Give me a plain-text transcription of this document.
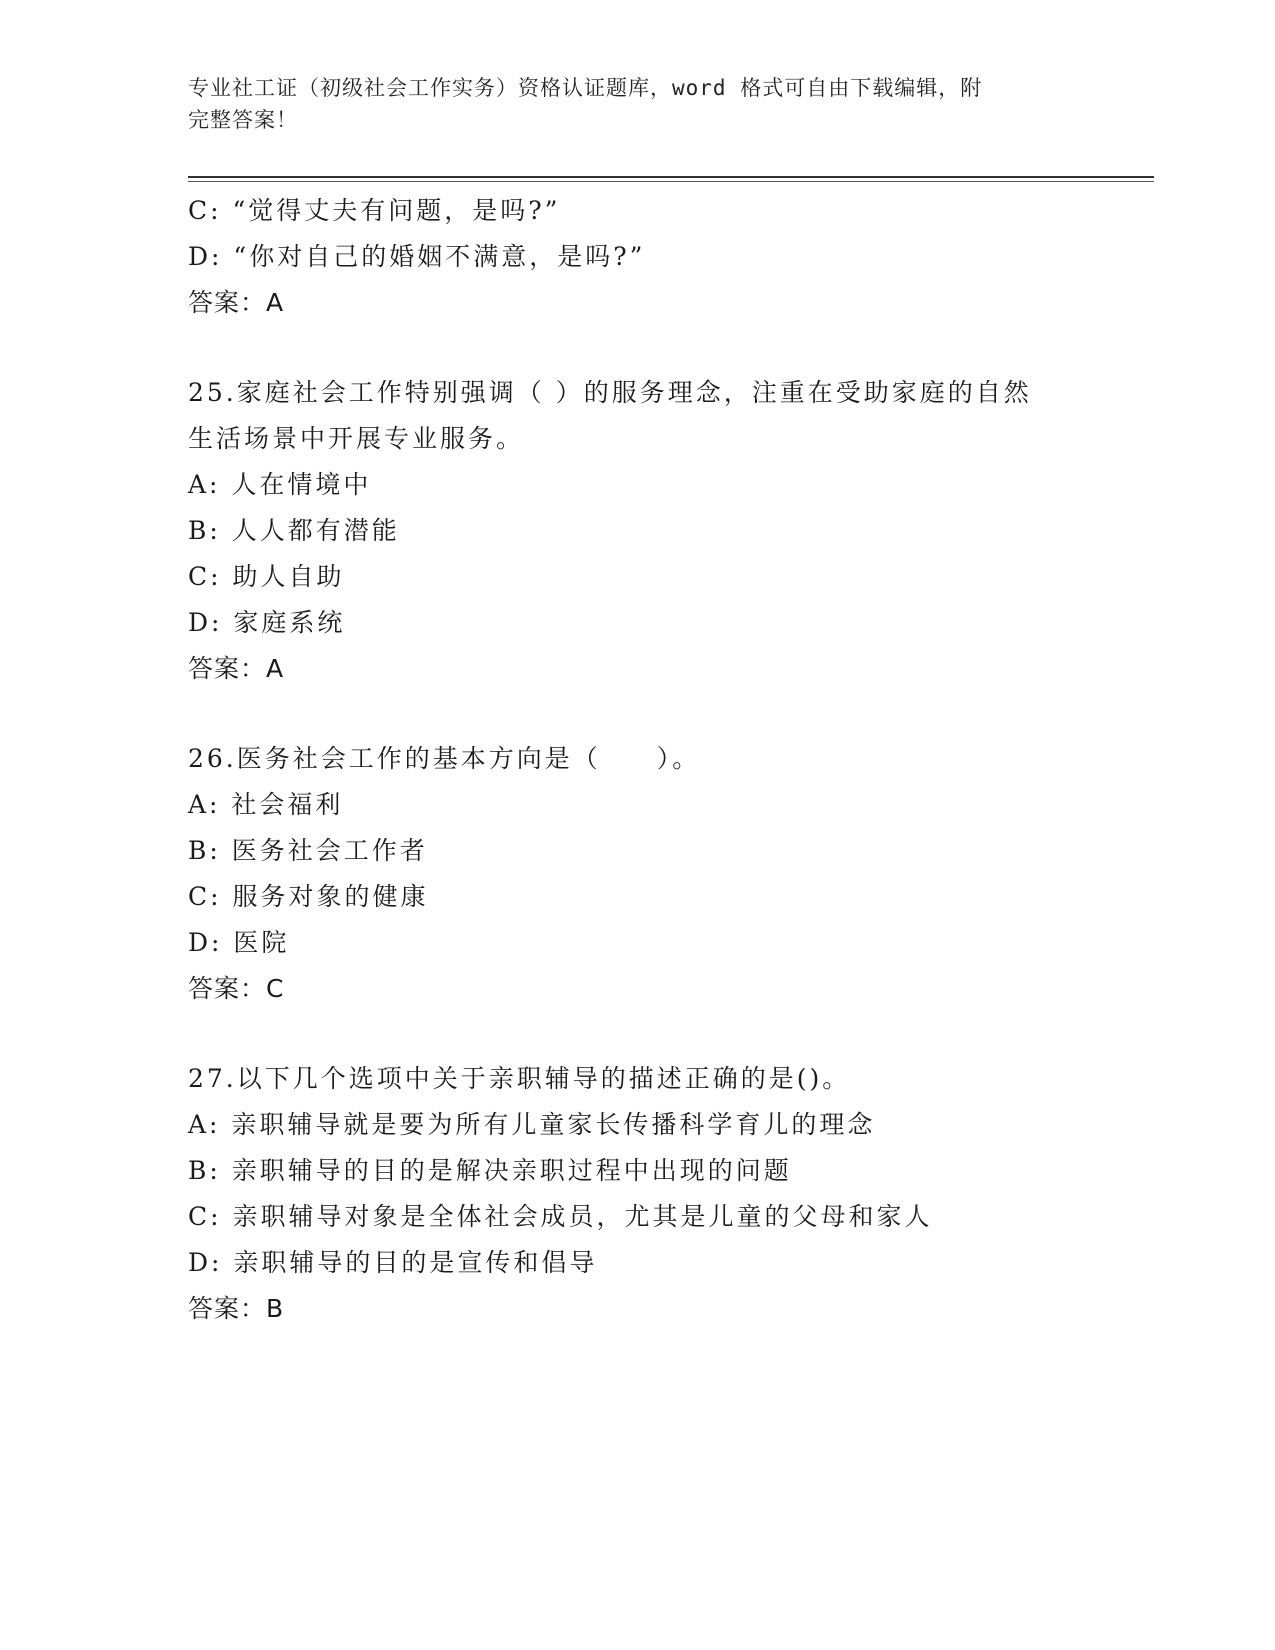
专业社工证（初级社会工作实务）资格认证题库，word 格式可自由下载编辑，附
完整答案！
C: “觉得丈夫有问题，是吗?”
D: “你对自己的婚姻不满意，是吗?”
答案：A
25.家庭社会工作特别强调（ ）的服务理念，注重在受助家庭的自然
生活场景中开展专业服务。
A: 人在情境中
B: 人人都有潜能
C: 助人自助
D: 家庭系统
答案：A
26.医务社会工作的基本方向是（　　）。
A: 社会福利
B: 医务社会工作者
C: 服务对象的健康
D: 医院
答案：C
27.以下几个选项中关于亲职辅导的描述正确的是()。
A: 亲职辅导就是要为所有儿童家长传播科学育儿的理念
B: 亲职辅导的目的是解决亲职过程中出现的问题
C: 亲职辅导对象是全体社会成员，尤其是儿童的父母和家人
D: 亲职辅导的目的是宣传和倡导
答案：B
